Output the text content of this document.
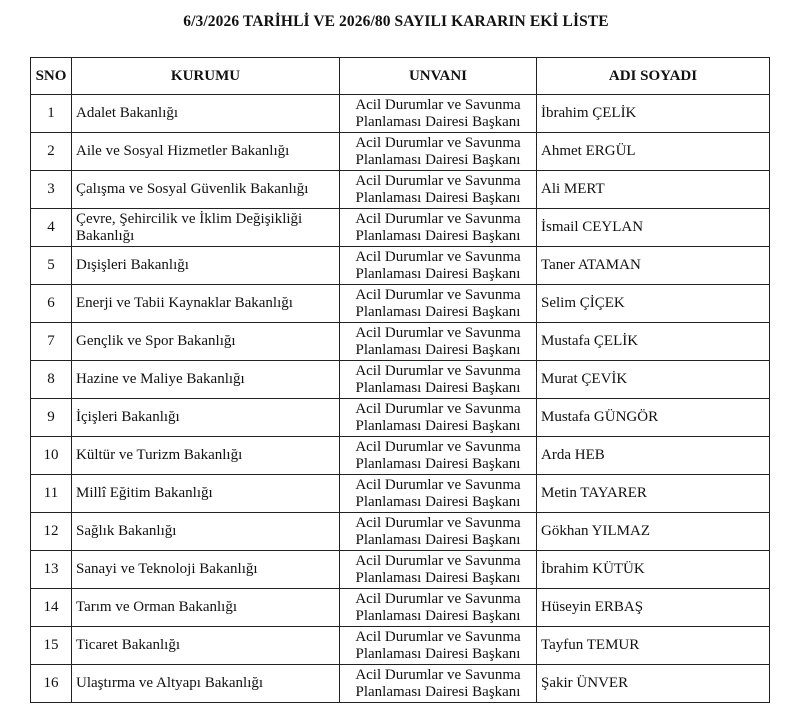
6/3/2026 TARİHLİ VE 2026/80 SAYILI KARARIN EKİ LİSTE
SNO	KURUMU	UNVANI	ADI SOYADI
1	Adalet Bakanlığı	Acil Durumlar ve Savunma
Planlaması Dairesi Başkanı	İbrahim ÇELİK
2	Aile ve Sosyal Hizmetler Bakanlığı	Acil Durumlar ve Savunma
Planlaması Dairesi Başkanı	Ahmet ERGÜL
3	Çalışma ve Sosyal Güvenlik Bakanlığı	Acil Durumlar ve Savunma
Planlaması Dairesi Başkanı	Ali MERT
4	Çevre, Şehircilik ve İklim Değişikliği Bakanlığı	Acil Durumlar ve Savunma
Planlaması Dairesi Başkanı	İsmail CEYLAN
5	Dışişleri Bakanlığı	Acil Durumlar ve Savunma
Planlaması Dairesi Başkanı	Taner ATAMAN
6	Enerji ve Tabii Kaynaklar Bakanlığı	Acil Durumlar ve Savunma
Planlaması Dairesi Başkanı	Selim ÇİÇEK
7	Gençlik ve Spor Bakanlığı	Acil Durumlar ve Savunma
Planlaması Dairesi Başkanı	Mustafa ÇELİK
8	Hazine ve Maliye Bakanlığı	Acil Durumlar ve Savunma
Planlaması Dairesi Başkanı	Murat ÇEVİK
9	İçişleri Bakanlığı	Acil Durumlar ve Savunma
Planlaması Dairesi Başkanı	Mustafa GÜNGÖR
10	Kültür ve Turizm Bakanlığı	Acil Durumlar ve Savunma
Planlaması Dairesi Başkanı	Arda HEB
11	Millî Eğitim Bakanlığı	Acil Durumlar ve Savunma
Planlaması Dairesi Başkanı	Metin TAYARER
12	Sağlık Bakanlığı	Acil Durumlar ve Savunma
Planlaması Dairesi Başkanı	Gökhan YILMAZ
13	Sanayi ve Teknoloji Bakanlığı	Acil Durumlar ve Savunma
Planlaması Dairesi Başkanı	İbrahim KÜTÜK
14	Tarım ve Orman Bakanlığı	Acil Durumlar ve Savunma
Planlaması Dairesi Başkanı	Hüseyin ERBAŞ
15	Ticaret Bakanlığı	Acil Durumlar ve Savunma
Planlaması Dairesi Başkanı	Tayfun TEMUR
16	Ulaştırma ve Altyapı Bakanlığı	Acil Durumlar ve Savunma
Planlaması Dairesi Başkanı	Şakir ÜNVER
